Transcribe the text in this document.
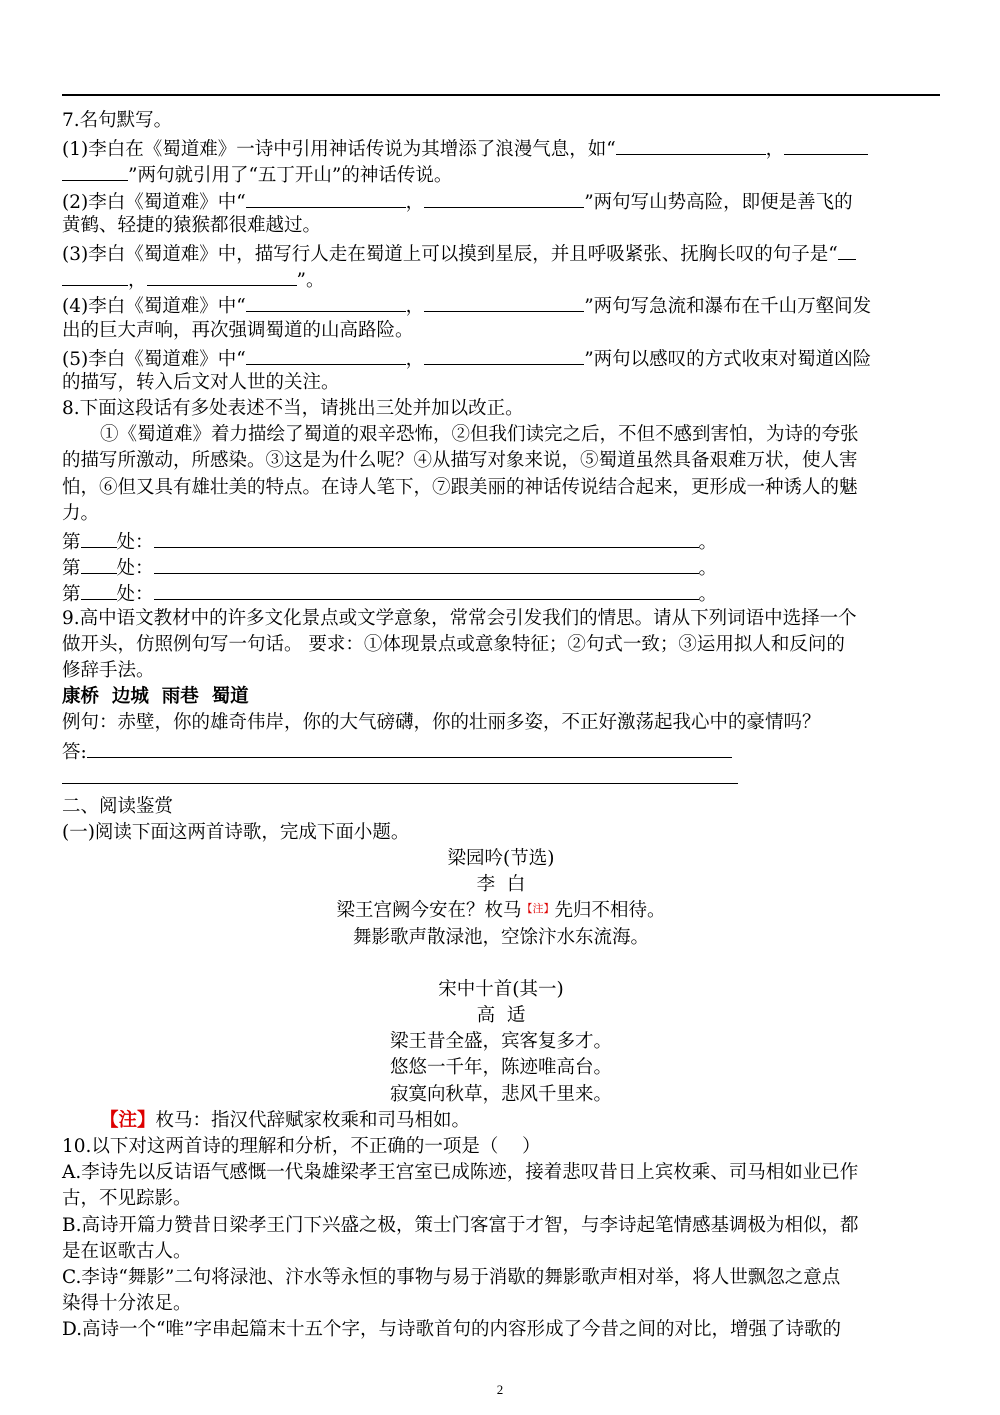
7.名句默写。
(1)李白在《蜀道难》一诗中引用神话传说为其增添了浪漫气息，如“	，
”两句就引用了“五丁开山”的神话传说。
(2)李白《蜀道难》中“	，	”两句写山势高险，即便是善飞的
黄鹤、轻捷的猿猴都很难越过。
(3)李白《蜀道难》中，描写行人走在蜀道上可以摸到星辰，并且呼吸紧张、抚胸长叹的句子是“
，	”。
(4)李白《蜀道难》中“	，	”两句写急流和瀑布在千山万壑间发
出的巨大声响，再次强调蜀道的山高路险。
(5)李白《蜀道难》中“	，	”两句以感叹的方式收束对蜀道凶险
的描写，转入后文对人世的关注。
8.下面这段话有多处表述不当，请挑出三处并加以改正。
①《蜀道难》着力描绘了蜀道的艰辛恐怖，②但我们读完之后，不但不感到害怕，为诗的夸张
的描写所激动，所感染。③这是为什么呢？④从描写对象来说，⑤蜀道虽然具备艰难万状，使人害
怕，⑥但又具有雄壮美的特点。在诗人笔下，⑦跟美丽的神话传说结合起来，更形成一种诱人的魅
力。
第 处：	。
第 处：	。
第 处：	。
9.高中语文教材中的许多文化景点或文学意象，常常会引发我们的情思。请从下列词语中选择一个
做开头，仿照例句写一句话。 要求：①体现景点或意象特征；②句式一致；③运用拟人和反问的
修辞手法。
康桥  边城  雨巷  蜀道
例句：赤壁，你的雄奇伟岸，你的大气磅礴，你的壮丽多姿，不正好激荡起我心中的豪情吗？
答:
二、阅读鉴赏
(一)阅读下面这两首诗歌，完成下面小题。
梁园吟(节选)
李  白
梁王宫阙今安在？枚马$^{【注】}$先归不相待。
舞影歌声散渌池，空馀汴水东流海。
宋中十首(其一)
高  适
梁王昔全盛，宾客复多才。
悠悠一千年，陈迹唯高台。
寂寞向秋草，悲风千里来。
【注】枚马：指汉代辞赋家枚乘和司马相如。
10.以下对这两首诗的理解和分析，不正确的一项是（    ）
A.李诗先以反诘语气感慨一代枭雄梁孝王宫室已成陈迹，接着悲叹昔日上宾枚乘、司马相如业已作
古，不见踪影。
B.高诗开篇力赞昔日梁孝王门下兴盛之极，策士门客富于才智，与李诗起笔情感基调极为相似，都
是在讴歌古人。
C.李诗“舞影”二句将渌池、汴水等永恒的事物与易于消歇的舞影歌声相对举，将人世飘忽之意点
染得十分浓足。
D.高诗一个“唯”字串起篇末十五个字，与诗歌首句的内容形成了今昔之间的对比，增强了诗歌的
2
